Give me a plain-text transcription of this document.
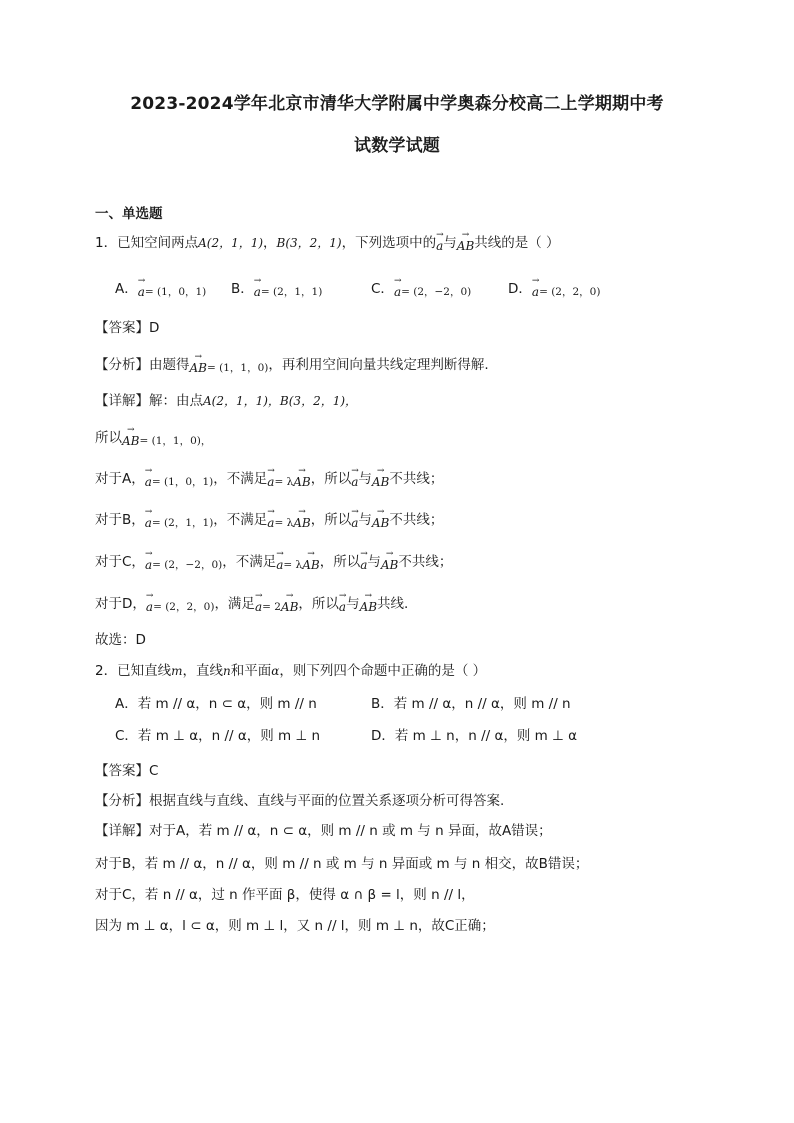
2023-2024学年北京市清华大学附属中学奥森分校高二上学期期中考
试数学试题
一、单选题
1．已知空间两点A(2，1，1)，B(3，2，1)，下列选项中的 →
a与 →
AB共线的是（ ）
A． →
a= (1，0，1) B． →
a= (2，1，1)	C． →
a= (2，−2，0)	D． →
a= (2，2，0)
【答案】D
【分析】由题得 →
AB= (1，1，0)，再利用空间向量共线定理判断得解.
【详解】解：由点A(2，1，1)，B(3，2，1)，
所以 →
AB= (1，1，0)，
对于A， →
a= (1，0，1)，不满足 →
a= λ
→
AB，所以 →
a与 →
AB不共线；
对于B， →
a= (2，1，1)，不满足 →
a= λ
→
AB，所以 →
a与 →
AB不共线；
对于C， →
a= (2，−2，0)，不满足 →
a= λ
→
AB，所以 →
a与 →
AB不共线；
对于D， →
a= (2，2，0)，满足 →
a= 2
→
AB，所以 →
a与 →
AB共线.
故选：D
2．已知直线m，直线n和平面α，则下列四个命题中正确的是（ ）
A．若 m // α，n ⊂ α，则 m // n	B．若 m // α，n // α，则 m // n
C．若 m ⊥ α，n // α，则 m ⊥ n	D．若 m ⊥ n，n // α，则 m ⊥ α
【答案】C
【分析】根据直线与直线、直线与平面的位置关系逐项分析可得答案.
【详解】对于A，若 m // α，n ⊂ α，则 m // n 或 m 与 n 异面，故A错误；
对于B，若 m // α，n // α，则 m // n 或 m 与 n 异面或 m 与 n 相交，故B错误；
对于C，若 n // α，过 n 作平面 β，使得 α ∩ β = l，则 n // l，
因为 m ⊥ α，l ⊂ α，则 m ⊥ l，又 n // l，则 m ⊥ n，故C正确；
